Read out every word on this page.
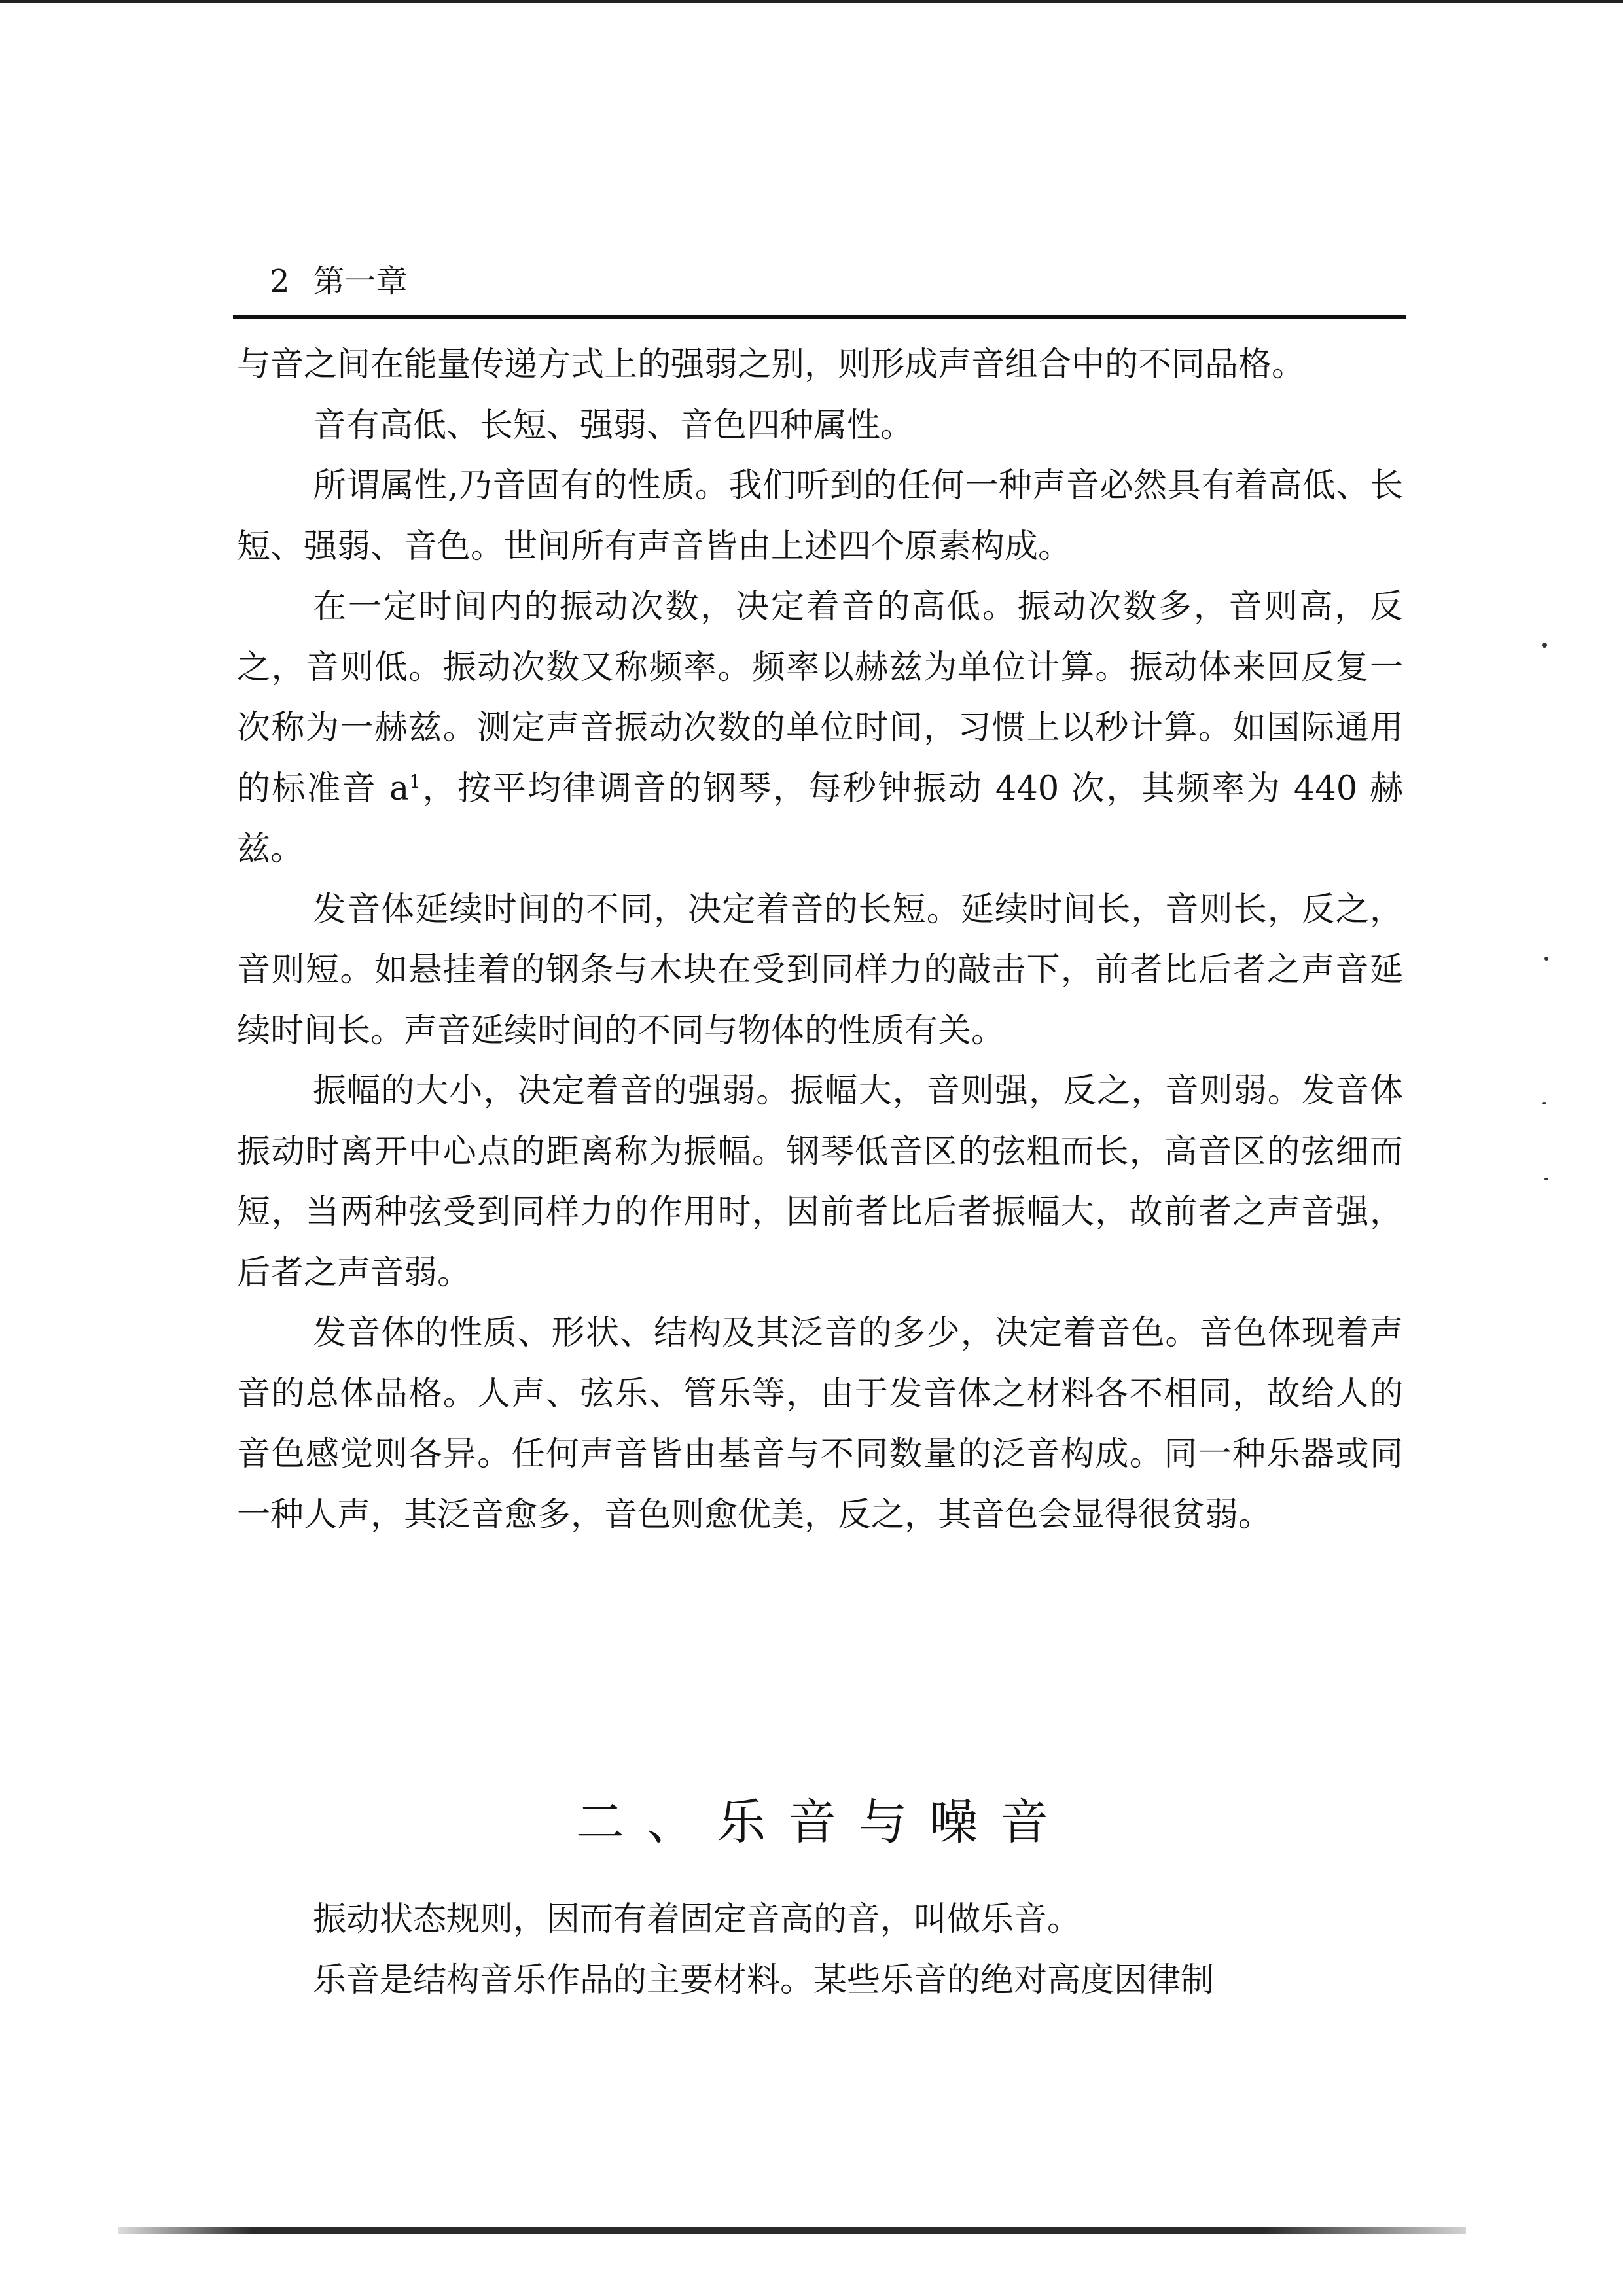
2 第一章

与音之间在能量传递方式上的强弱之别，则形成声音组合中的不同品格。

音有高低、长短、强弱、音色四种属性。

所谓属性,乃音固有的性质。我们听到的任何一种声音必然具有着高低、长短、强弱、音色。世间所有声音皆由上述四个原素构成。

在一定时间内的振动次数，决定着音的高低。振动次数多，音则高，反之，音则低。振动次数又称频率。频率以赫兹为单位计算。振动体来回反复一次称为一赫兹。测定声音振动次数的单位时间，习惯上以秒计算。如国际通用的标准音 $a^1$，按平均律调音的钢琴，每秒钟振动 440 次，其频率为 440 赫兹。

发音体延续时间的不同，决定着音的长短。延续时间长，音则长，反之，音则短。如悬挂着的钢条与木块在受到同样力的敲击下，前者比后者之声音延续时间长。声音延续时间的不同与物体的性质有关。

振幅的大小，决定着音的强弱。振幅大，音则强，反之，音则弱。发音体振动时离开中心点的距离称为振幅。钢琴低音区的弦粗而长，高音区的弦细而短，当两种弦受到同样力的作用时，因前者比后者振幅大，故前者之声音强，后者之声音弱。

发音体的性质、形状、结构及其泛音的多少，决定着音色。音色体现着声音的总体品格。人声、弦乐、管乐等，由于发音体之材料各不相同，故给人的音色感觉则各异。任何声音皆由基音与不同数量的泛音构成。同一种乐器或同一种人声，其泛音愈多，音色则愈优美，反之，其音色会显得很贫弱。

二、乐音与噪音

振动状态规则，因而有着固定音高的音，叫做乐音。

乐音是结构音乐作品的主要材料。某些乐音的绝对高度因律制
